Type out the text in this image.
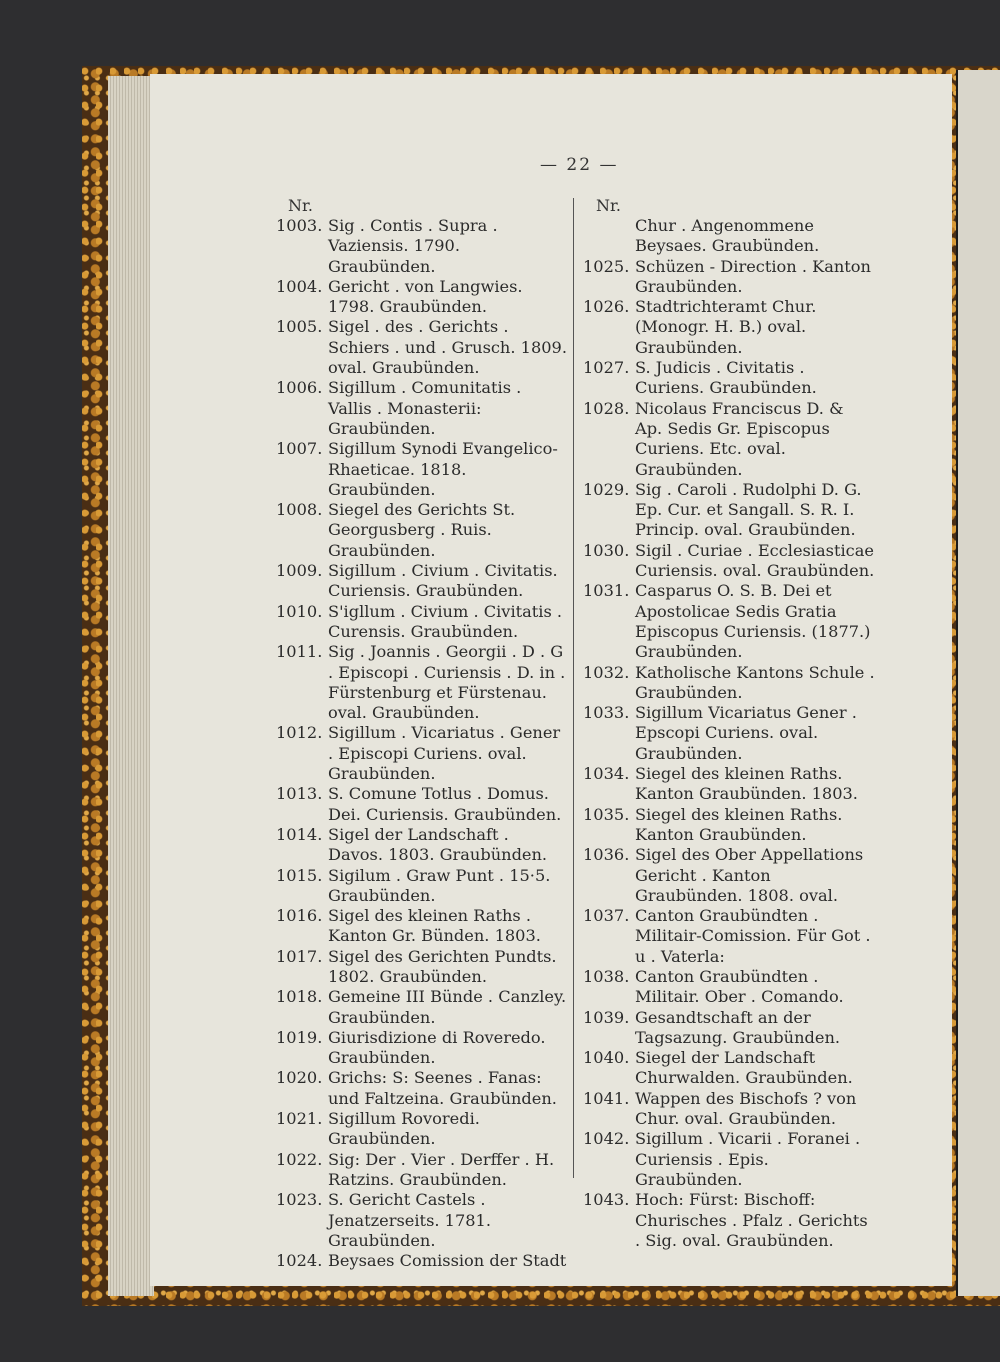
— 22 —
Nr.	Nr.
1003. Sig . Contis . Supra . Vaziensis. 1790. Graubünden.
1004. Gericht . von Langwies. 1798. Graubünden.
1005. Sigel . des . Gerichts . Schiers . und . Grusch. 1809. oval. Graubünden.
1006. Sigillum . Comunitatis . Vallis . Monasterii: Graubünden.
1007. Sigillum Synodi Evangelico-Rhaeticae. 1818. Graubünden.
1008. Siegel des Gerichts St. Georgusberg . Ruis. Graubünden.
1009. Sigillum . Civium . Civitatis. Curiensis. Graubünden.
1010. S'igllum . Civium . Civitatis . Curensis. Graubünden.
1011. Sig . Joannis . Georgii . D . G . Episcopi . Curiensis . D. in . Fürstenburg et Fürstenau. oval. Graubünden.
1012. Sigillum . Vicariatus . Gener . Episcopi Curiens. oval. Graubünden.
1013. S. Comune Totlus . Domus. Dei. Curiensis. Graubünden.
1014. Sigel der Landschaft . Davos. 1803. Graubünden.
1015. Sigilum . Graw Punt . 15·5. Graubünden.
1016. Sigel des kleinen Raths . Kanton Gr. Bünden. 1803.
1017. Sigel des Gerichten Pundts. 1802. Graubünden.
1018. Gemeine III Bünde . Canzley. Graubünden.
1019. Giurisdizione di Roveredo. Graubünden.
1020. Grichs: S: Seenes . Fanas: und Faltzeina. Graubünden.
1021. Sigillum Rovoredi. Graubünden.
1022. Sig: Der . Vier . Derffer . H. Ratzins. Graubünden.
1023. S. Gericht Castels . Jenatzerseits. 1781. Graubünden.
1024. Beysaes Comission der Stadt
Chur . Angenommene Beysaes. Graubünden.
1025. Schüzen - Direction . Kanton Graubünden.
1026. Stadtrichteramt Chur. (Monogr. H. B.) oval. Graubünden.
1027. S. Judicis . Civitatis . Curiens. Graubünden.
1028. Nicolaus Franciscus D. & Ap. Sedis Gr. Episcopus Curiens. Etc. oval. Graubünden.
1029. Sig . Caroli . Rudolphi D. G. Ep. Cur. et Sangall. S. R. I. Princip. oval. Graubünden.
1030. Sigil . Curiae . Ecclesiasticae Curiensis. oval. Graubünden.
1031. Casparus O. S. B. Dei et Apostolicae Sedis Gratia Episcopus Curiensis. (1877.) Graubünden.
1032. Katholische Kantons Schule . Graubünden.
1033. Sigillum Vicariatus Gener . Epscopi Curiens. oval. Graubünden.
1034. Siegel des kleinen Raths. Kanton Graubünden. 1803.
1035. Siegel des kleinen Raths. Kanton Graubünden.
1036. Sigel des Ober Appellations Gericht . Kanton Graubünden. 1808. oval.
1037. Canton Graubündten . Militair-Comission. Für Got . u . Vaterla:
1038. Canton Graubündten . Militair. Ober . Comando.
1039. Gesandtschaft an der Tagsazung. Graubünden.
1040. Siegel der Landschaft Churwalden. Graubünden.
1041. Wappen des Bischofs ? von Chur. oval. Graubünden.
1042. Sigillum . Vicarii . Foranei . Curiensis . Epis. Graubünden.
1043. Hoch: Fürst: Bischoff: Churisches . Pfalz . Gerichts . Sig. oval. Graubünden.
